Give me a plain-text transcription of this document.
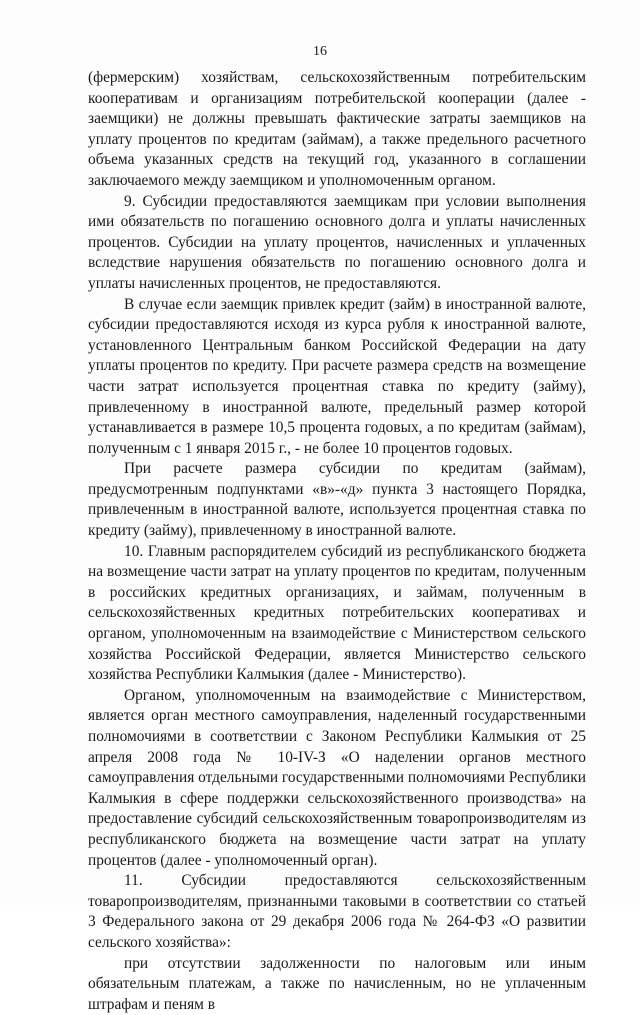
16

(фермерским) хозяйствам, сельскохозяйственным потребительским кооперативам и организациям потребительской кооперации (далее - заемщики) не должны превышать фактические затраты заемщиков на уплату процентов по кредитам (займам), а также предельного расчетного объема указанных средств на текущий год, указанного в соглашении заключаемого между заемщиком и уполномоченным органом.

9. Субсидии предоставляются заемщикам при условии выполнения ими обязательств по погашению основного долга и уплаты начисленных процентов. Субсидии на уплату процентов, начисленных и уплаченных вследствие нарушения обязательств по погашению основного долга и уплаты начисленных процентов, не предоставляются.

В случае если заемщик привлек кредит (займ) в иностранной валюте, субсидии предоставляются исходя из курса рубля к иностранной валюте, установленного Центральным банком Российской Федерации на дату уплаты процентов по кредиту. При расчете размера средств на возмещение части затрат используется процентная ставка по кредиту (займу), привлеченному в иностранной валюте, предельный размер которой устанавливается в размере 10,5 процента годовых, а по кредитам (займам), полученным с 1 января 2015 г., - не более 10 процентов годовых.

При расчете размера субсидии по кредитам (займам), предусмотренным подпунктами «в»-«д» пункта 3 настоящего Порядка, привлеченным в иностранной валюте, используется процентная ставка по кредиту (займу), привлеченному в иностранной валюте.

10. Главным распорядителем субсидий из республиканского бюджета на возмещение части затрат на уплату процентов по кредитам, полученным в российских кредитных организациях, и займам, полученным в сельскохозяйственных кредитных потребительских кооперативах и органом, уполномоченным на взаимодействие с Министерством сельского хозяйства Российской Федерации, является Министерство сельского хозяйства Республики Калмыкия (далее - Министерство).

Органом, уполномоченным на взаимодействие с Министерством, является орган местного самоуправления, наделенный государственными полномочиями в соответствии с Законом Республики Калмыкия от 25 апреля 2008 года № 10-IV-З «О наделении органов местного самоуправления отдельными государственными полномочиями Республики Калмыкия в сфере поддержки сельскохозяйственного производства» на предоставление субсидий сельскохозяйственным товаропроизводителям из республиканского бюджета на возмещение части затрат на уплату процентов (далее - уполномоченный орган).

11. Субсидии предоставляются сельскохозяйственным товаропроизводителям, признанными таковыми в соответствии со статьей 3 Федерального закона от 29 декабря 2006 года № 264-ФЗ «О развитии сельского хозяйства»:

при отсутствии задолженности по налоговым или иным обязательным платежам, а также по начисленным, но не уплаченным штрафам и пеням в
